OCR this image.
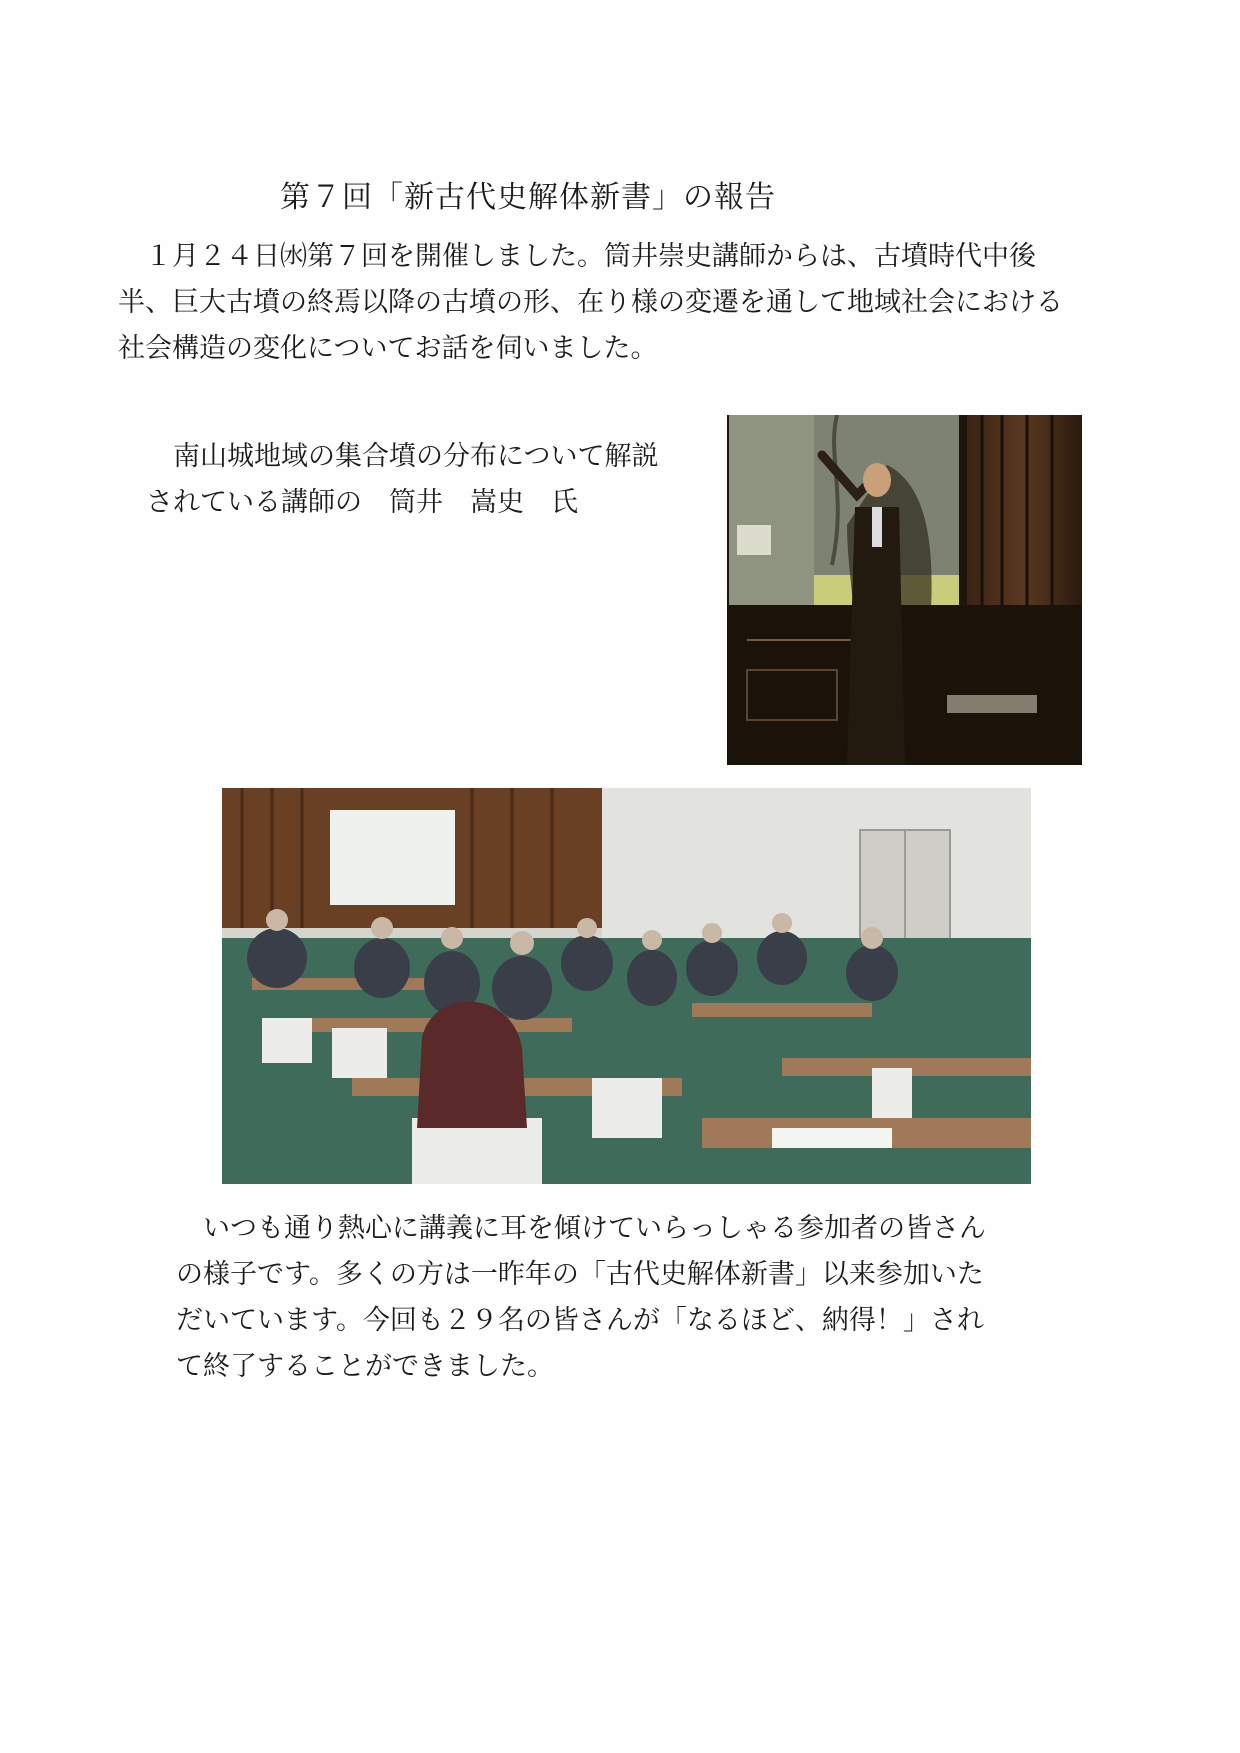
第７回「新古代史解体新書」の報告

　１月２４日㈬第７回を開催しました。筒井崇史講師からは、古墳時代中後
半、巨大古墳の終焉以降の古墳の形、在り様の変遷を通して地域社会における
社会構造の変化についてお話を伺いました。

　南山城地域の集合墳の分布について解説
されている講師の　筒井　嵩史　氏

　いつも通り熱心に講義に耳を傾けていらっしゃる参加者の皆さん
の様子です。多くの方は一昨年の「古代史解体新書」以来参加いた
だいています。今回も２９名の皆さんが「なるほど、納得！」され
て終了することができました。
